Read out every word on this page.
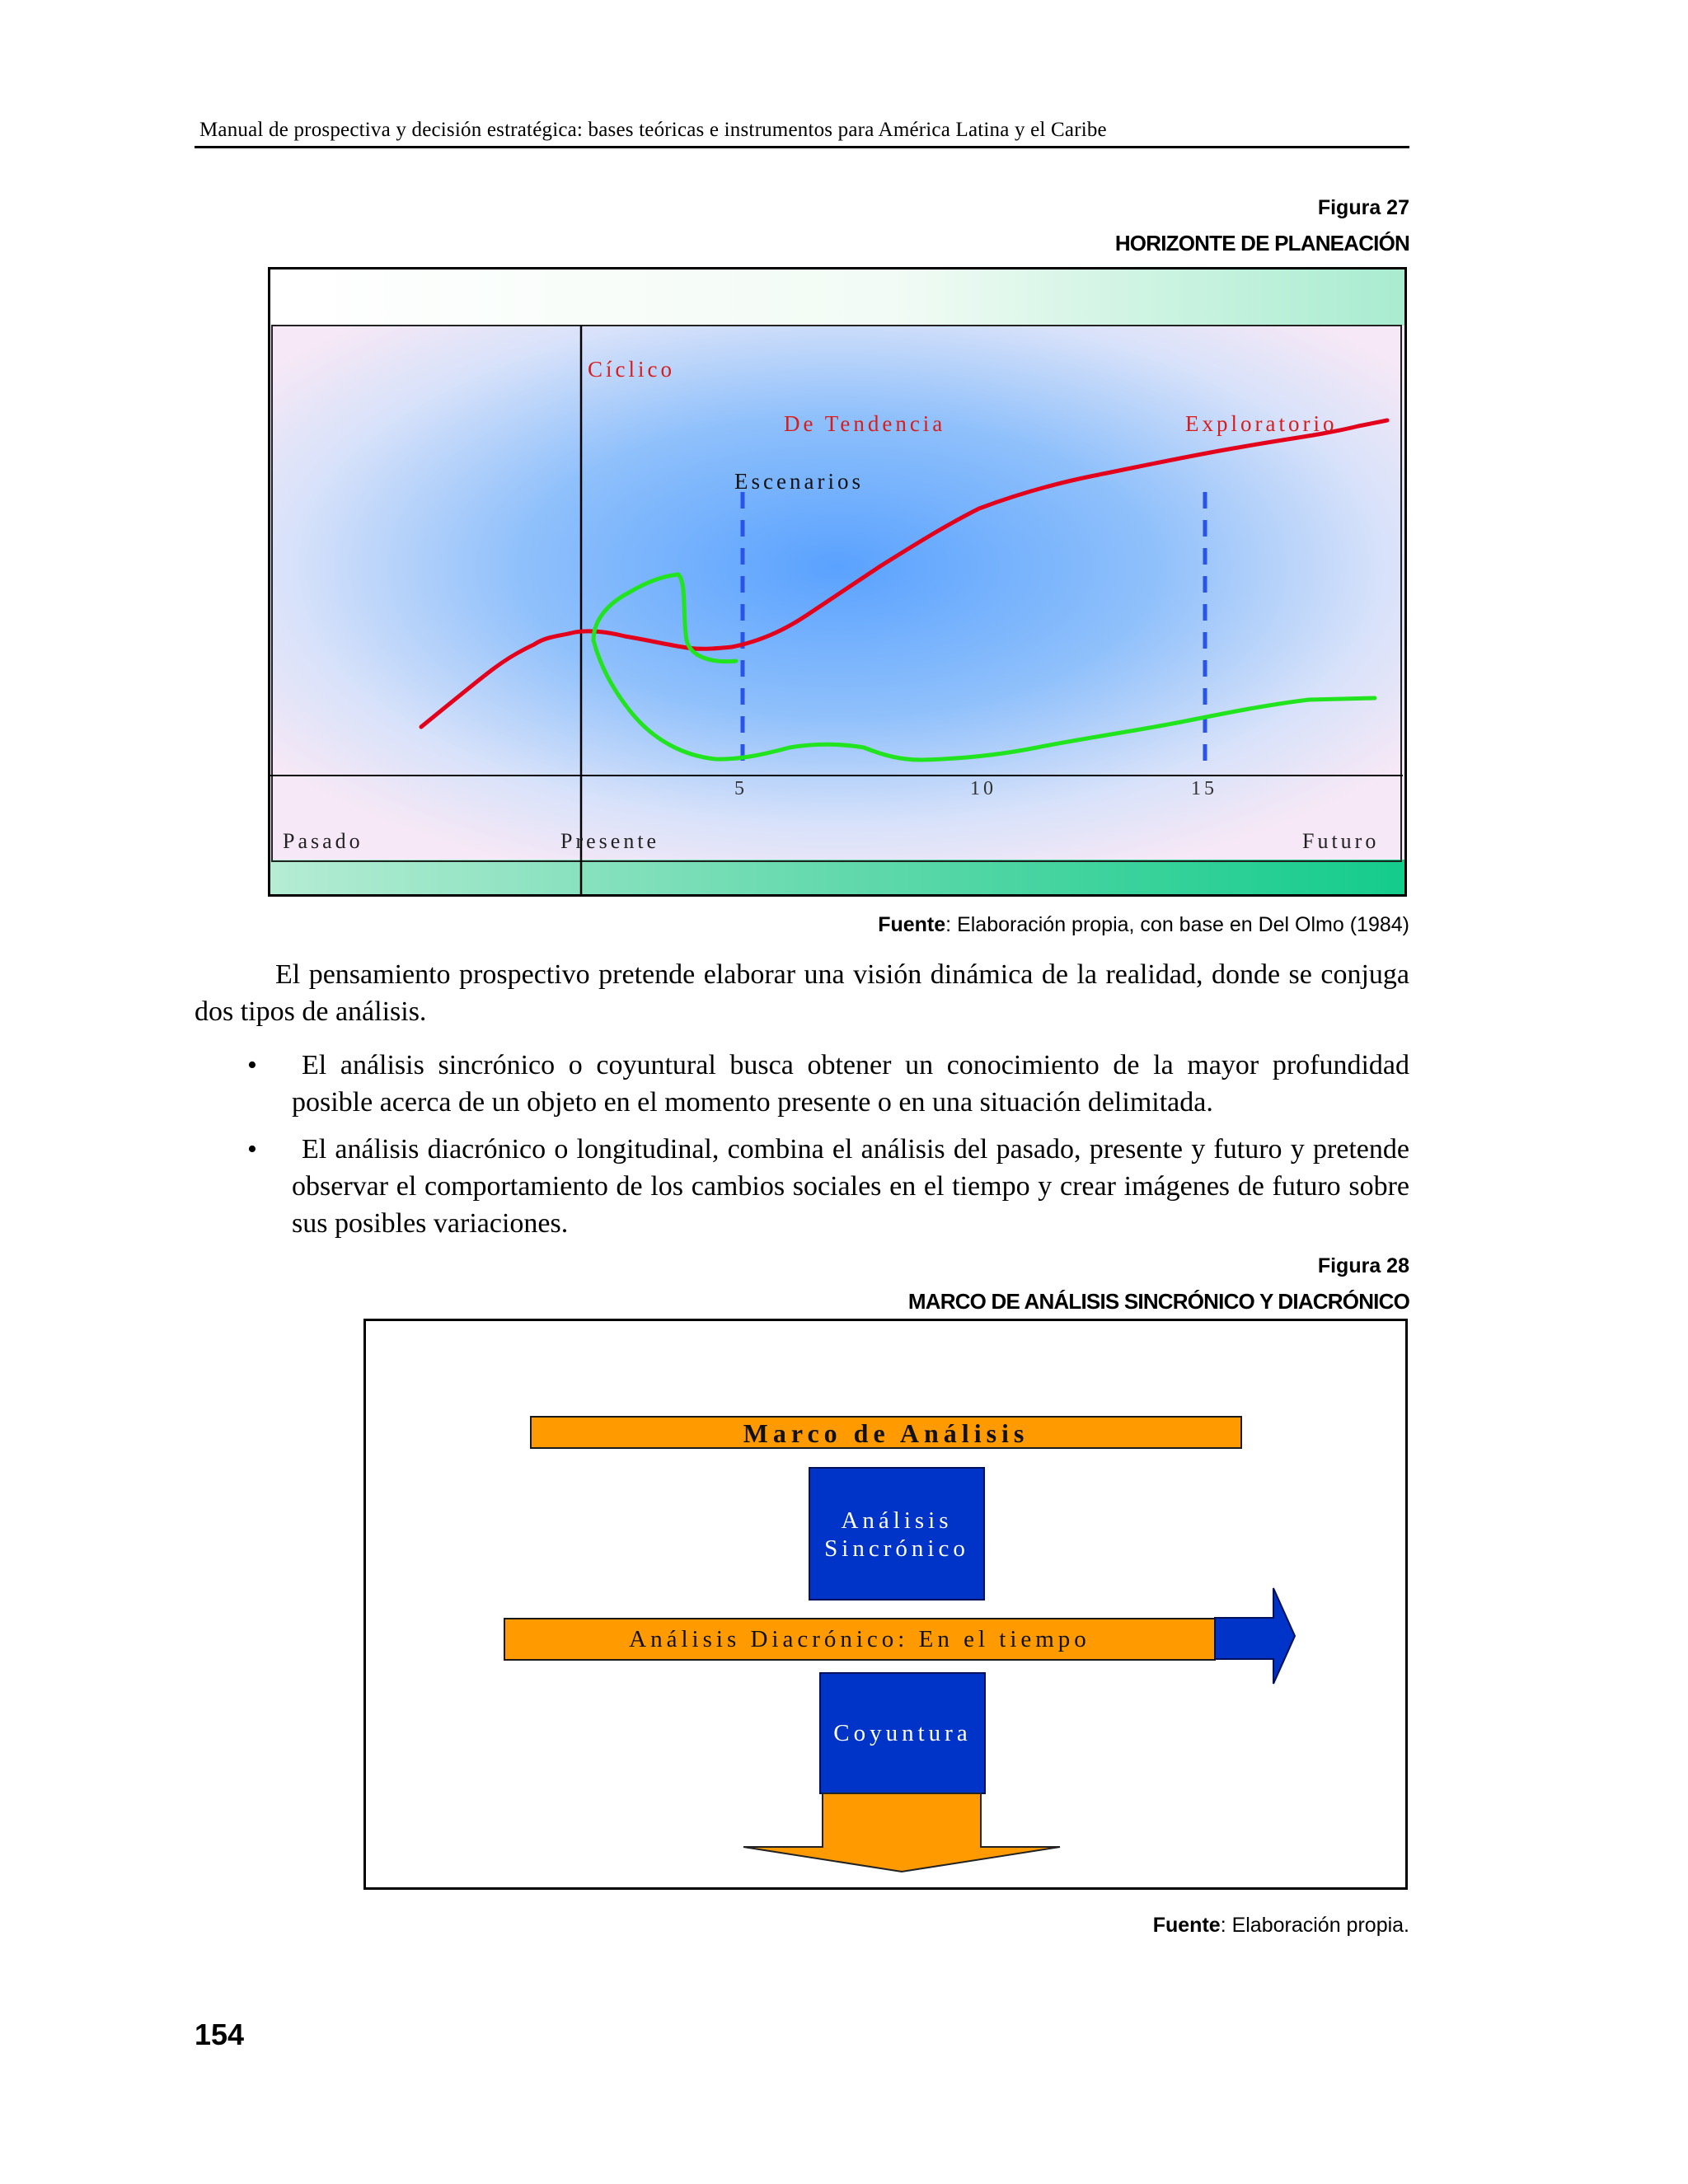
Manual de prospectiva y decisión estratégica: bases teóricas e instrumentos para América Latina y el Caribe
Figura 27
HORIZONTE DE PLANEACIÓN
Cíclico
De Tendencia	Exploratorio
Escenarios
5	10	15
Pasado	Presente	Futuro
Fuente: Elaboración propia, con base en Del Olmo (1984)
El pensamiento prospectivo pretende elaborar una visión dinámica de la realidad, donde se conjuga dos tipos de análisis.
•	El análisis sincrónico o coyuntural busca obtener un conocimiento de la mayor profundidad posible acerca de un objeto en el momento presente o en una situación delimitada.
•	El análisis diacrónico o longitudinal, combina el análisis del pasado, presente y futuro y pretende observar el comportamiento de los cambios sociales en el tiempo y crear imágenes de futuro sobre sus posibles variaciones.
Figura 28
MARCO DE ANÁLISIS SINCRÓNICO Y DIACRÓNICO
Marco de Análisis
Análisis
Sincrónico
Análisis Diacrónico: En el tiempo
Coyuntura
Fuente: Elaboración propia.
154
